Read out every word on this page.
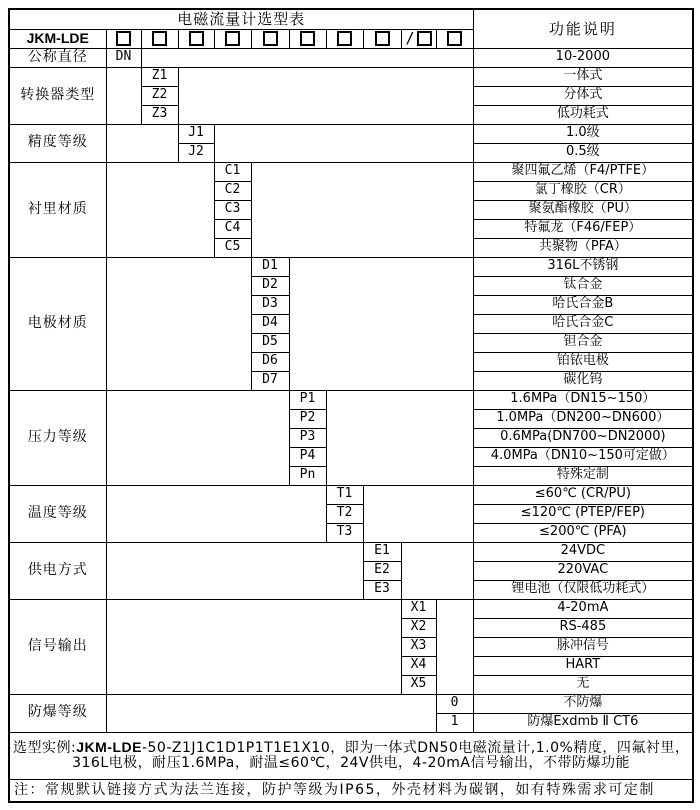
电磁流量计选型表											功能说明
JKM-LDE									/		
公称直径	DN										10-2000
转换器类型		Z1									一体式
		Z2									分体式
		Z3									低功耗式
精度等级			J1								1.0级
			J2								0.5级
衬里材质				C1							聚四氟乙烯（F4/PTFE）
				C2							氯丁橡胶（CR）
				C3							聚氨酯橡胶（PU）
				C4							特氟龙（F46/FEP）
				C5							共聚物（PFA）
电极材质					D1						316L不锈钢
					D2						钛合金
					D3						哈氏合金B
					D4						哈氏合金C
					D5						钽合金
					D6						铂铱电极
					D7						碳化钨
压力等级						P1					1.6MPa（DN15~150）
						P2					1.0MPa（DN200~DN600）
						P3					0.6MPa(DN700~DN2000)
						P4					4.0MPa（DN10~150可定做）
						Pn					特殊定制
温度等级							T1				≤60℃ (CR/PU)
							T2				≤120℃ (PTEP/FEP)
							T3				≤200℃ (PFA)
供电方式								E1			24VDC
								E2			220VAC
								E3			锂电池（仅限低功耗式）
信号输出									X1		4-20mA
									X2		RS-485
									X3		脉冲信号
									X4		HART
									X5		无
防爆等级										0	不防爆
										1	防爆Exdmb Ⅱ CT6

选型实例:JKM-LDE-50-Z1J1C1D1P1T1E1X10，即为一体式DN50电磁流量计,1.0%精度，四氟衬里，
316L电极，耐压1.6MPa，耐温≤60℃，24V供电，4-20mA信号输出，不带防爆功能											

注：常规默认链接方式为法兰连接，防护等级为IP65，外壳材料为碳钢，如有特殊需求可定制											
